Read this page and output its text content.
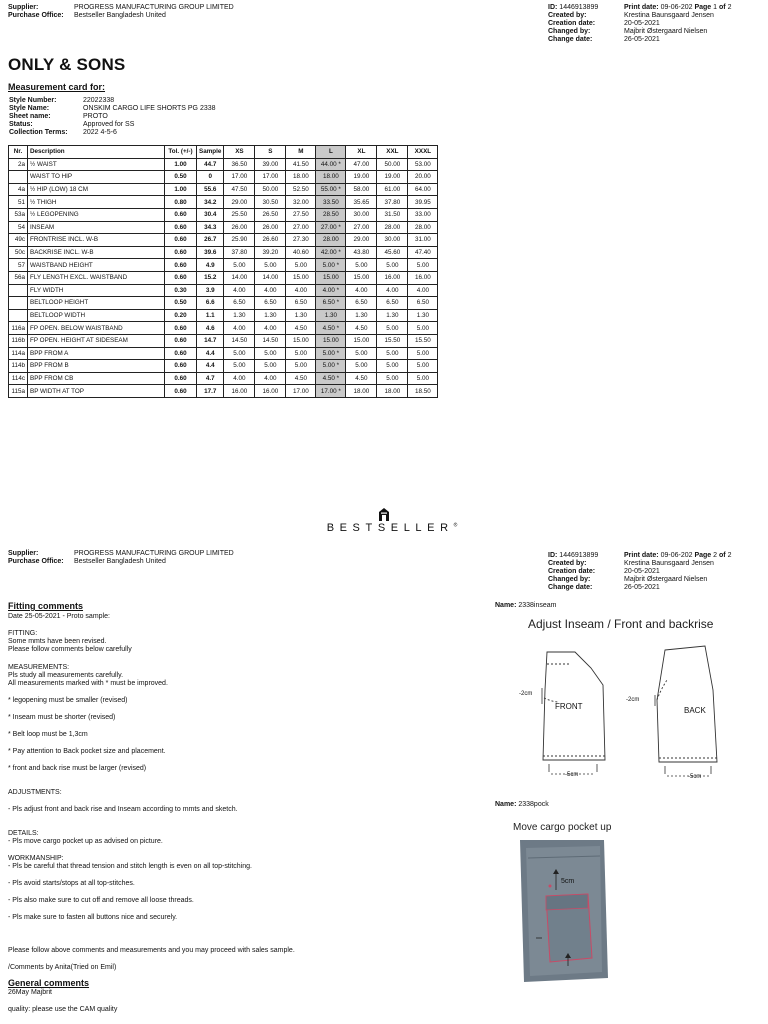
Supplier:	PROGRESS MANUFACTURING GROUP LIMITED
Purchase Office:	Bestseller Bangladesh United
ID: 1446913899	Print date: 09-06-202 Page 1 of 2
Created by:	Krestina Baunsgaard Jensen
Creation date:	20-05-2021
Changed by:	Majbrit Østergaard Nielsen
Change date:	26-05-2021
ONLY & SONS
Measurement card for:
Style Number:	22022338
Style Name:	ONSKIM CARGO LIFE SHORTS PG 2338
Sheet name:	PROTO
Status:	Approved for SS
Collection Terms:	2022 4-5-6
Nr.	Description	Tol. (+/-)	Sample	XS	S	M	L	XL	XXL	XXXL
2a	½ WAIST	1.00	44.7	36.50	39.00	41.50	44.00 *	47.00	50.00	53.00
	WAIST TO HIP	0.50	0	17.00	17.00	18.00	18.00	19.00	19.00	20.00
4a	½ HIP (LOW) 18 CM	1.00	55.6	47.50	50.00	52.50	55.00 *	58.00	61.00	64.00
51	½ THIGH	0.80	34.2	29.00	30.50	32.00	33.50	35.65	37.80	39.95
53a	½ LEGOPENING	0.60	30.4	25.50	26.50	27.50	28.50	30.00	31.50	33.00
54	INSEAM	0.60	34.3	26.00	26.00	27.00	27.00 *	27.00	28.00	28.00
49c	FRONTRISE INCL. W-B	0.60	26.7	25.90	26.60	27.30	28.00	29.00	30.00	31.00
50c	BACKRISE INCL. W-B	0.60	39.6	37.80	39.20	40.60	42.00 *	43.80	45.60	47.40
57	WAISTBAND HEIGHT	0.60	4.9	5.00	5.00	5.00	5.00 *	5.00	5.00	5.00
56a	FLY LENGTH EXCL. WAISTBAND	0.60	15.2	14.00	14.00	15.00	15.00	15.00	16.00	16.00
	FLY WIDTH	0.30	3.9	4.00	4.00	4.00	4.00 *	4.00	4.00	4.00
	BELTLOOP HEIGHT	0.50	6.6	6.50	6.50	6.50	6.50 *	6.50	6.50	6.50
	BELTLOOP WIDTH	0.20	1.1	1.30	1.30	1.30	1.30	1.30	1.30	1.30
116a	FP OPEN. BELOW WAISTBAND	0.60	4.6	4.00	4.00	4.50	4.50 *	4.50	5.00	5.00
116b	FP OPEN. HEIGHT AT SIDESEAM	0.60	14.7	14.50	14.50	15.00	15.00	15.00	15.50	15.50
114a	BPP FROM A	0.60	4.4	5.00	5.00	5.00	5.00 *	5.00	5.00	5.00
114b	BPP FROM B	0.60	4.4	5.00	5.00	5.00	5.00 *	5.00	5.00	5.00
114c	BPP FROM CB	0.60	4.7	4.00	4.00	4.50	4.50 *	4.50	5.00	5.00
115a	BP WIDTH AT TOP	0.60	17.7	16.00	16.00	17.00	17.00 *	18.00	18.00	18.50
BESTSELLER®
Supplier:	PROGRESS MANUFACTURING GROUP LIMITED
Purchase Office:	Bestseller Bangladesh United
ID: 1446913899	Print date: 09-06-202 Page 2 of 2
Created by:	Krestina Baunsgaard Jensen
Creation date:	20-05-2021
Changed by:	Majbrit Østergaard Nielsen
Change date:	26-05-2021

Fitting comments

Date 25-05-2021 - Proto sample:

FITTING:

Some mmts have been revised.

Please follow comments below carefully

MEASUREMENTS:

Pls study all measurements carefully.

All measurements marked with * must be improved.

* legopening must be smaller (revised)

* Inseam must be shorter (revised)

* Belt loop must be 1,3cm

* Pay attention to Back pocket size and placement.

* front and back rise must be larger (revised)

ADJUSTMENTS:

- Pls adjust front and back rise and Inseam according to mmts and sketch.

DETAILS:

- Pls move cargo pocket up as advised on picture.

WORKMANSHIP:

- Pls be careful that thread tension and stitch length is even on all top-stitching.

- Pls avoid starts/stops at all top-stitches.

- Pls also make sure to cut off and remove all loose threads.

- Pls make sure to fasten all buttons nice and securely.

Please follow above comments and measurements and you may proceed with sales sample.

/Comments by Anita(Tried on Emil)

General comments

26May Majbrit

quality: please use the CAM quality

Name: 2338inseam
Adjust Inseam / Front and backrise
-2cm
FRONT
-2cm
BACK
-5cm	-5cm
Name: 2338pock
Move cargo pocket up
5cm
